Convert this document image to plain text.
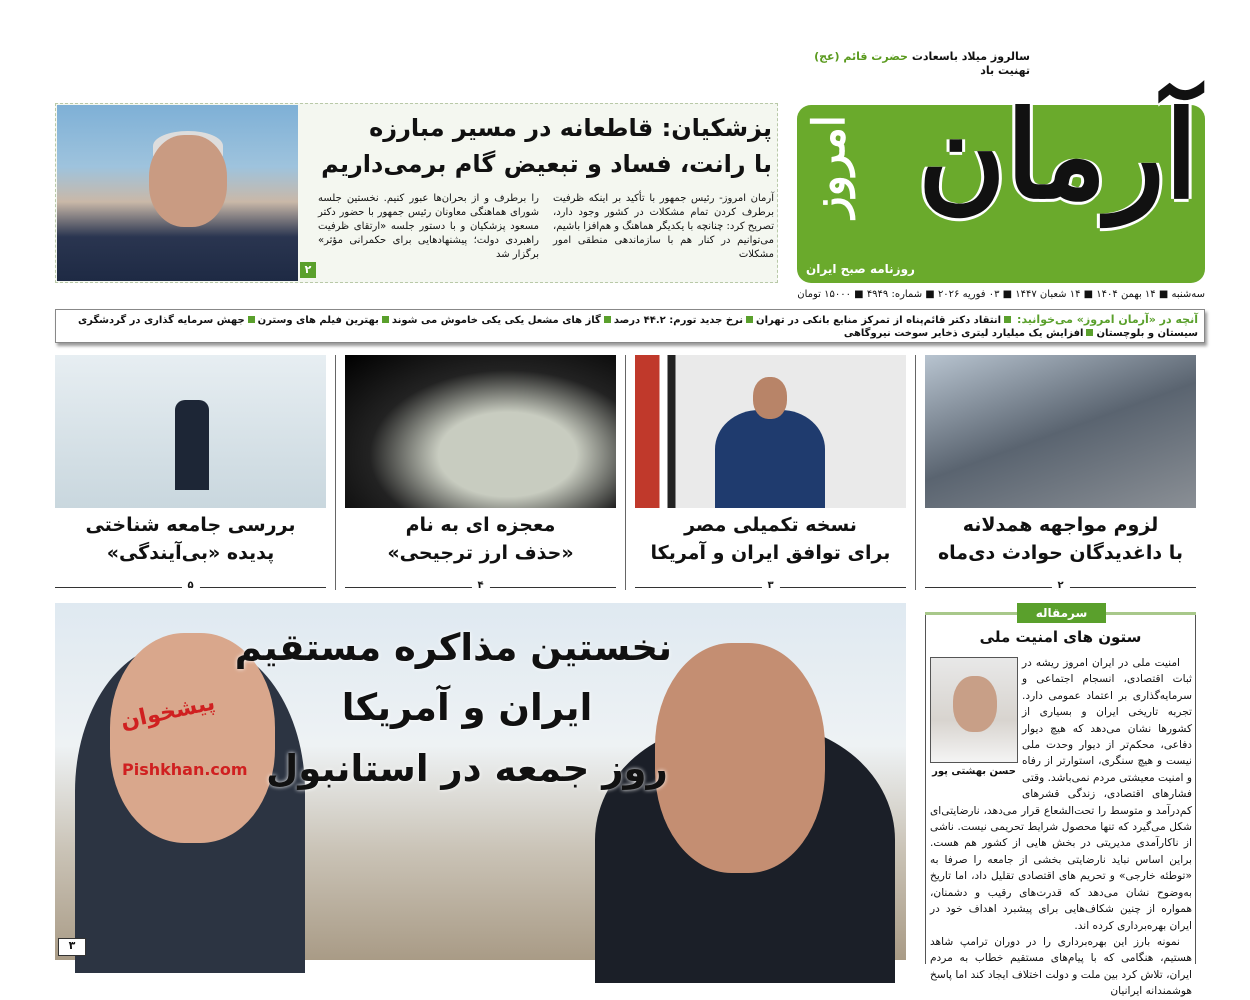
سالروز میلاد باسعادت حضرت قائم (عج) تهنیت باد
آرمان
امروز
روزنامه صبح ایران
سه‌شنبه ■ ۱۴ بهمن ۱۴۰۴ ■ ۱۴ شعبان ۱۴۴۷ ■ ۰۳ فوریه ۲۰۲۶ ■ شماره: ۴۹۴۹ ■ ۱۵۰۰۰ تومان
پزشکیان: قاطعانه در مسیر مبارزه
با رانت، فساد و تبعیض گام برمی‌داریم

آرمان امروز- رئیس جمهور با تأکید بر اینکه ظرفیت برطرف کردن تمام مشکلات در کشور وجود دارد، تصریح کرد: چنانچه با یکدیگر هماهنگ و هم‌افزا باشیم، می‌توانیم در کنار هم با سازماندهی منطقی امور مشکلات

را برطرف و از بحران‌ها عبور کنیم. نخستین جلسه شورای هماهنگی معاونان رئیس جمهور با حضور دکتر مسعود پزشکیان و با دستور جلسه «ارتقای ظرفیت راهبردی دولت؛ پیشنهادهایی برای حکمرانی مؤثر» برگزار شد

۲
آنچه در «آرمان امروز» می‌خوانید:انتقاد دکتر قائم‌پناه از تمرکز منابع بانکی در تهراننرخ جدید تورم: ۴۴.۲ درصدگاز های مشعل یکی یکی خاموش می شوندبهترین فیلم های وسترنجهش سرمایه گذاری در گردشگری سیستان و بلوچستانافزایش یک میلیارد لیتری ذخایر سوخت نیروگاهی
لزوم مواجهه همدلانه
با داغدیدگان حوادث دی‌ماه
نسخه تکمیلی مصر
برای توافق ایران و آمریکا
معجزه ای به نام
«حذف ارز ترجیحی»
بررسی جامعه شناختی
پدیده «بی‌آیندگی»
۲
۳
۴
۵
نخستین مذاکره مستقیم
ایران و آمریکا
روز جمعه در استانبول
پیشخوان
Pishkhan.com
۳
سرمقاله
ستون های امنیت ملی

امنیت ملی در ایران امروز ریشه در ثبات اقتصادی، انسجام اجتماعی و سرمایه‌گذاری بر اعتماد عمومی دارد. تجربه تاریخی ایران و بسیاری از کشورها نشان می‌دهد که هیچ دیوار دفاعی، محکم‌تر از دیوار وحدت ملی نیست و هیچ سنگری، استوارتر از رفاه و امنیت معیشتی مردم نمی‌باشد. وقتی فشارهای اقتصادی، زندگی قشرهای کم‌درآمد و متوسط را تحت‌الشعاع قرار می‌دهد، نارضایتی‌ای شکل می‌گیرد که تنها محصول شرایط تحریمی نیست. ناشی از ناکارآمدی مدیریتی در بخش هایی از کشور هم هست. براین اساس نباید نارضایتی بخشی از جامعه را صرفا به «توطئه خارجی» و تحریم های اقتصادی تقلیل داد، اما تاریخ به‌وضوح نشان می‌دهد که قدرت‌های رقیب و دشمنان، همواره از چنین شکاف‌هایی برای پیشبرد اهداف خود در ایران بهره‌برداری کرده اند.

نمونه بارز این بهره‌برداری را در دوران ترامپ شاهد هستیم، هنگامی که با پیام‌های مستقیم خطاب به مردم ایران، تلاش کرد بین ملت و دولت اختلاف ایجاد کند اما پاسخ هوشمندانه ایرانیان

حسن بهشتی پور
